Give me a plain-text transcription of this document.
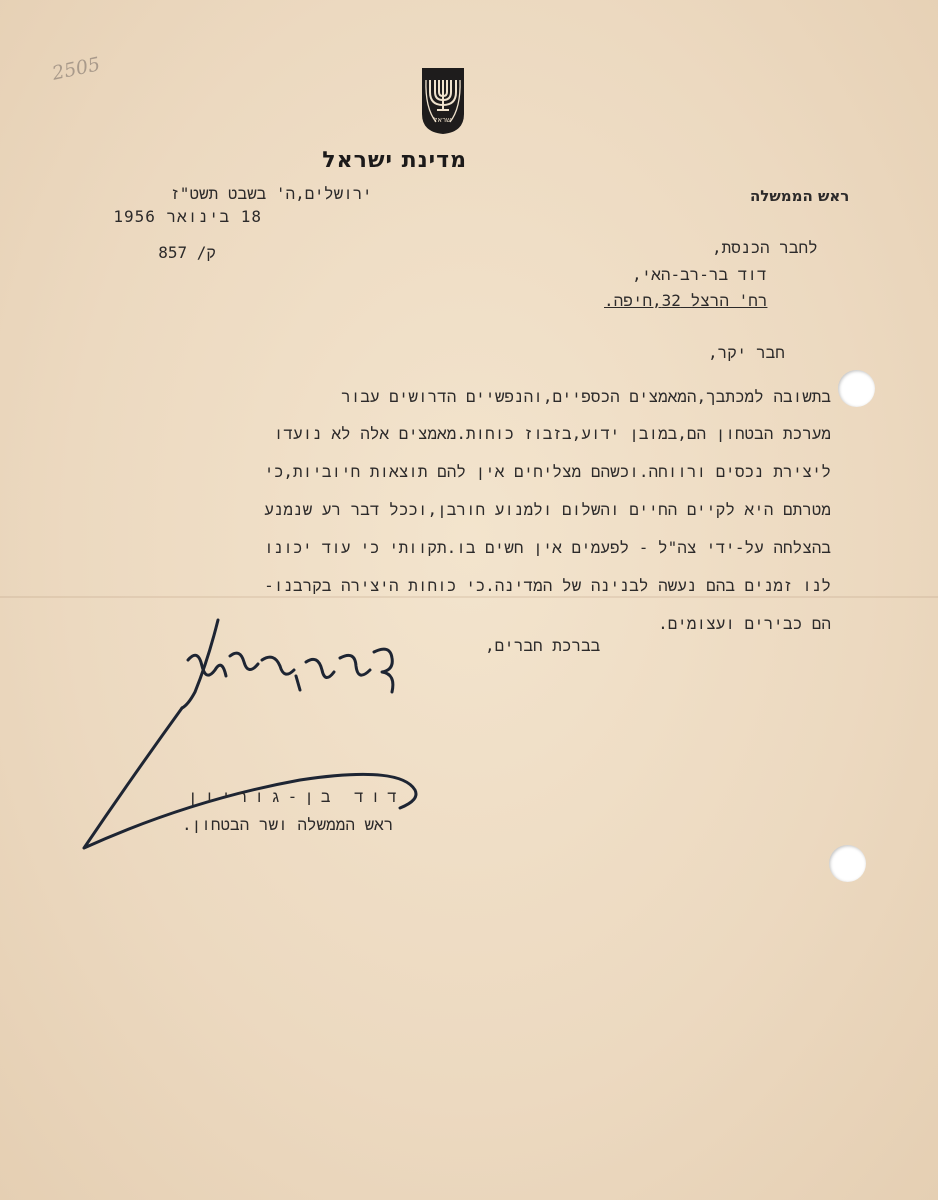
2505
ישראל
מדינת ישראל
ראש הממשלה
ירושלים,ה' בשבט תשט"ז
18 בינואר 1956
857 /ק	לחבר הכנסת,
דוד בר-רב-האי,
רח' הרצל 32,חיפה.
חבר יקר,
בתשובה למכתבך,המאמצים הכספיים,והנפשיים הדרושים עבור
מערכת הבטחון הם,במובן ידוע,בזבוז כוחות.מאמצים אלה לא נועדו
ליצירת נכסים ורווחה.וכשהם מצליחים אין להם תוצאות חיוביות,כי
מטרתם היא לקיים החיים והשלום ולמנוע חורבן,וככל דבר רע שנמנע
בהצלחה על-ידי צה"ל - לפעמים אין חשים בו.תקוותי כי עוד יכונו
לנו זמנים בהם נעשה לבנינה של המדינה.כי כוחות היצירה בקרבנו-
הם כבירים ועצומים.
בברכת חברים,
דוד בן-גוריון
ראש הממשלה ושר הבטחון.
